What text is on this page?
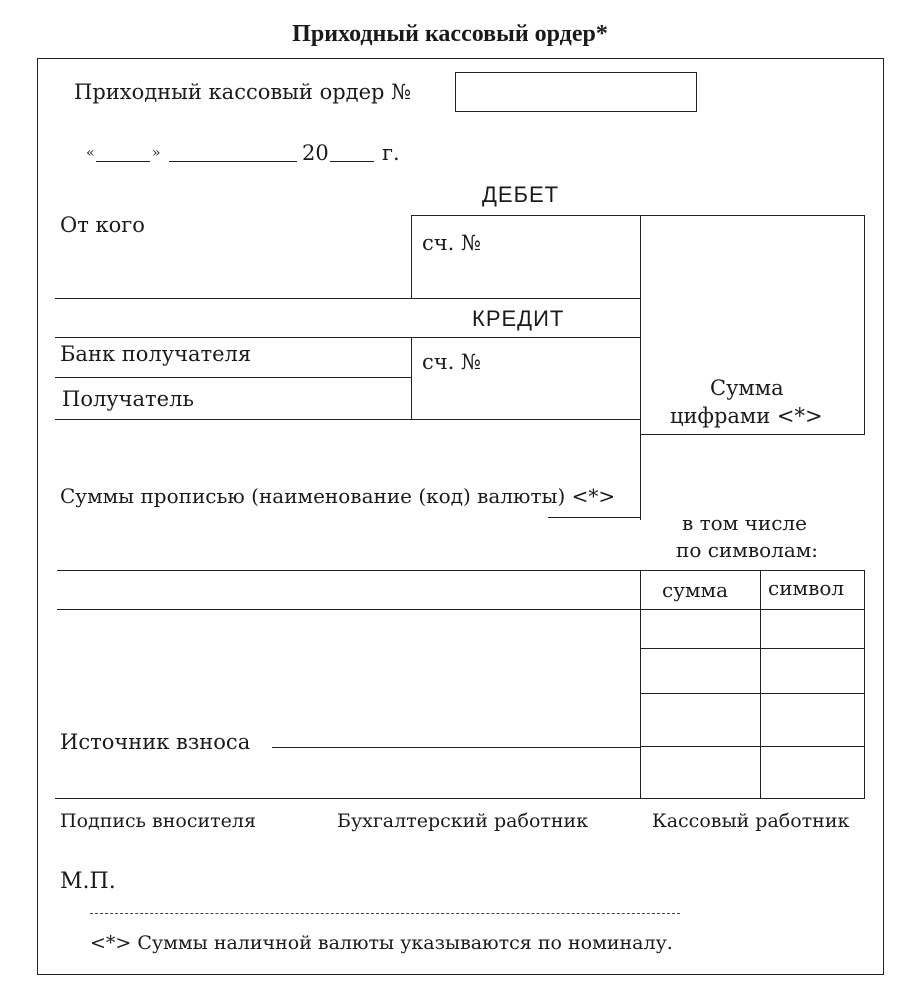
Приходный кассовый ордер*
Приходный кассовый ордер №
«	»	20	г.
ДЕБЕТ
От кого
сч. №
КРЕДИТ
Банк получателя	сч. №
Получатель	Сумма
цифрами <*>
Суммы прописью (наименование (код) валюты) <*>
в том числе
по символам:
сумма символ
Источник взноса
Подпись вносителя	Бухгалтерский работник	Кассовый работник
М.П.
<*> Суммы наличной валюты указываются по номиналу.
